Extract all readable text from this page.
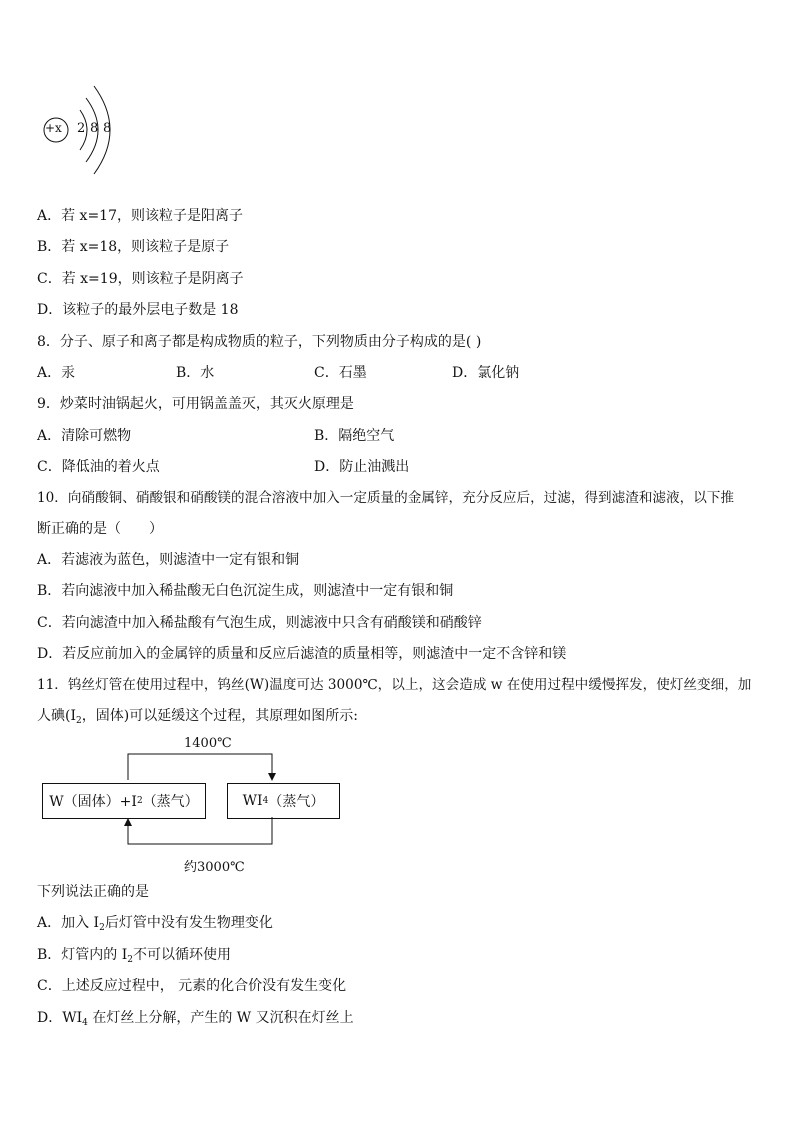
+x 2 8 8
A．若 x=17，则该粒子是阳离子
B．若 x=18，则该粒子是原子
C．若 x=19，则该粒子是阴离子
D．该粒子的最外层电子数是 18
8．分子、原子和离子都是构成物质的粒子，下列物质由分子构成的是( )
A．汞	B．水	C．石墨	D．氯化钠
9．炒菜时油锅起火，可用锅盖盖灭，其灭火原理是
A．清除可燃物	B．隔绝空气
C．降低油的着火点	D．防止油溅出
10．向硝酸铜、硝酸银和硝酸镁的混合溶液中加入一定质量的金属锌，充分反应后，过滤，得到滤渣和滤液，以下推
断正确的是（　　）
A．若滤液为蓝色，则滤渣中一定有银和铜
B．若向滤液中加入稀盐酸无白色沉淀生成，则滤渣中一定有银和铜
C．若向滤渣中加入稀盐酸有气泡生成，则滤液中只含有硝酸镁和硝酸锌
D．若反应前加入的金属锌的质量和反应后滤渣的质量相等，则滤渣中一定不含锌和镁
11．钨丝灯管在使用过程中，钨丝(W)温度可达 3000℃，以上，这会造成 w 在使用过程中缓慢挥发，使灯丝变细，加
人碘($I_2$，固体)可以延缓这个过程，其原理如图所示:
1400℃
W（固体）+I 2 （蒸气）	WI 4 （蒸气）
约3000℃
下列说法正确的是
A．加入 $I_2$后灯管中没有发生物理变化
B．灯管内的 $I_2$不可以循环使用
C．上述反应过程中， 元素的化合价没有发生变化
D．$WI_4$ 在灯丝上分解，产生的 W 又沉积在灯丝上
